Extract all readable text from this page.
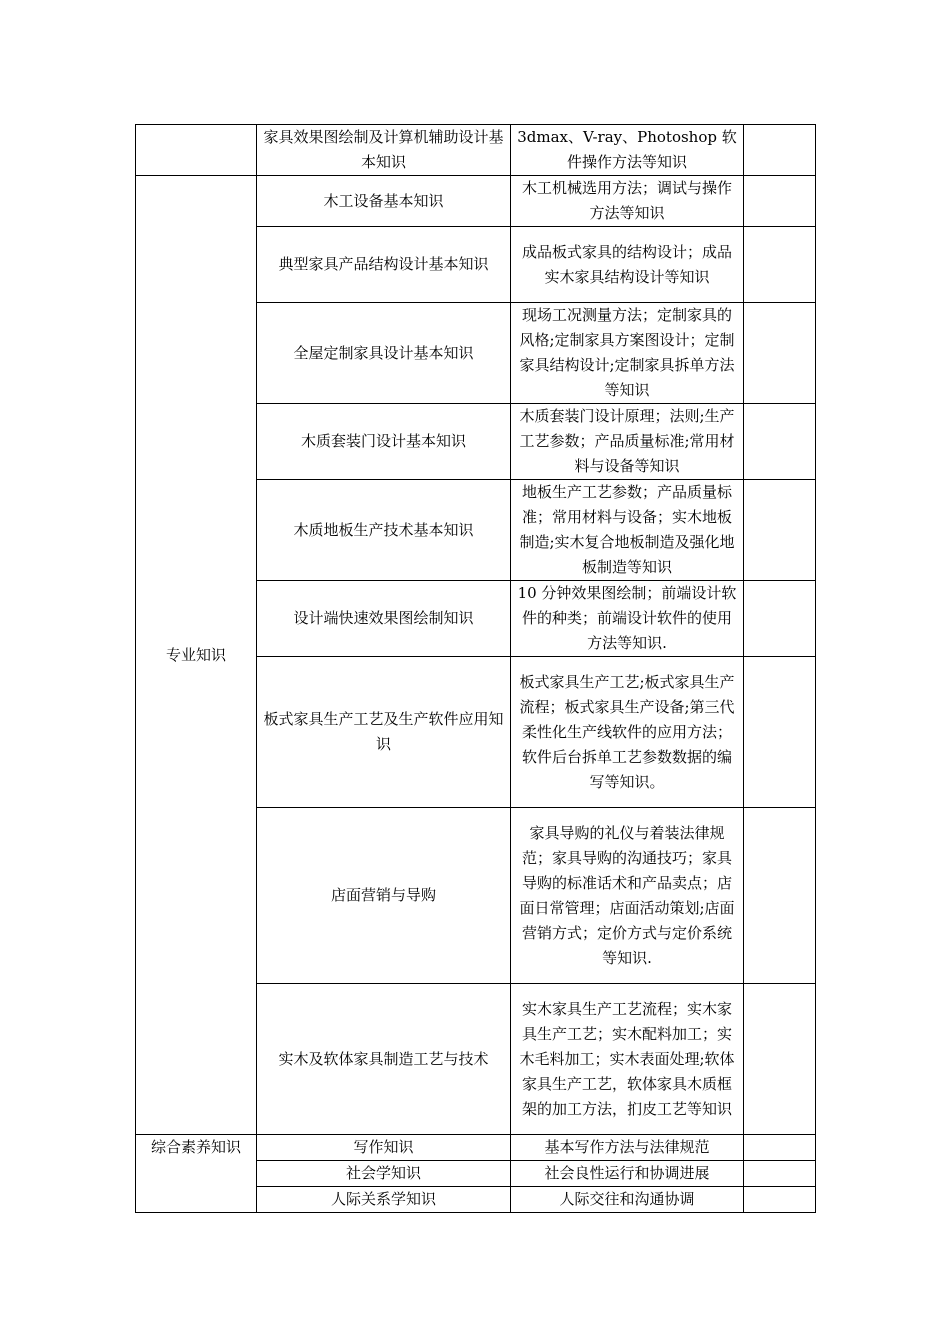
	家具效果图绘制及计算机辅助设计基本知识	3dmax、V-ray、Photoshop 软件操作方法等知识	
专业知识	木工设备基本知识	木工机械选用方法；调试与操作方法等知识	
	典型家具产品结构设计基本知识	成品板式家具的结构设计；成品实木家具结构设计等知识	
	全屋定制家具设计基本知识	现场工况测量方法；定制家具的风格;定制家具方案图设计；定制家具结构设计;定制家具拆单方法等知识	
	木质套装门设计基本知识	木质套装门设计原理；法则;生产工艺参数；产品质量标准;常用材料与设备等知识	
	木质地板生产技术基本知识	地板生产工艺参数；产品质量标准；常用材料与设备；实木地板制造;实木复合地板制造及强化地板制造等知识	
	设计端快速效果图绘制知识	10 分钟效果图绘制；前端设计软件的种类；前端设计软件的使用方法等知识.	
	板式家具生产工艺及生产软件应用知识	板式家具生产工艺;板式家具生产流程；板式家具生产设备;第三代柔性化生产线软件的应用方法；软件后台拆单工艺参数数据的编写等知识。	
	店面营销与导购	家具导购的礼仪与着装法律规范；家具导购的沟通技巧；家具导购的标准话术和产品卖点；店面日常管理；店面活动策划;店面营销方式；定价方式与定价系统等知识.	
	实木及软体家具制造工艺与技术	实木家具生产工艺流程；实木家具生产工艺；实木配料加工；实木毛料加工；实木表面处理;软体家具生产工艺，软体家具木质框架的加工方法，扪皮工艺等知识	
综合素养知识	写作知识	基本写作方法与法律规范	
	社会学知识	社会良性运行和协调进展	
	人际关系学知识	人际交往和沟通协调	
